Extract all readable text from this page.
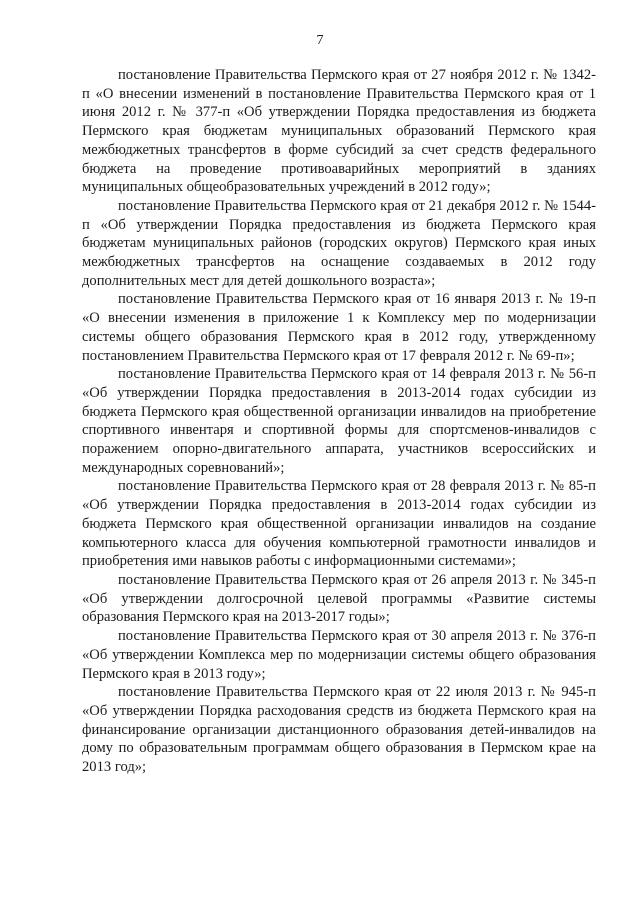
7

постановление Правительства Пермского края от 27 ноября 2012 г. № 1342-п «О внесении изменений в постановление Правительства Пермского края от 1 июня 2012 г. № 377-п «Об утверждении Порядка предоставления из бюджета Пермского края бюджетам муниципальных образований Пермского края межбюджетных трансфертов в форме субсидий за счет средств федерального бюджета на проведение противоаварийных мероприятий в зданиях муниципальных общеобразовательных учреждений в 2012 году»;

постановление Правительства Пермского края от 21 декабря 2012 г. № 1544-п «Об утверждении Порядка предоставления из бюджета Пермского края бюджетам муниципальных районов (городских округов) Пермского края иных межбюджетных трансфертов на оснащение создаваемых в 2012 году дополнительных мест для детей дошкольного возраста»;

постановление Правительства Пермского края от 16 января 2013 г. № 19-п «О внесении изменения в приложение 1 к Комплексу мер по модернизации системы общего образования Пермского края в 2012 году, утвержденному постановлением Правительства Пермского края от 17 февраля 2012 г. № 69-п»;

постановление Правительства Пермского края от 14 февраля 2013 г. № 56-п «Об утверждении Порядка предоставления в 2013-2014 годах субсидии из бюджета Пермского края общественной организации инвалидов на приобретение спортивного инвентаря и спортивной формы для спортсменов-инвалидов с поражением опорно-двигательного аппарата, участников всероссийских и международных соревнований»;

постановление Правительства Пермского края от 28 февраля 2013 г. № 85-п «Об утверждении Порядка предоставления в 2013-2014 годах субсидии из бюджета Пермского края общественной организации инвалидов на создание компьютерного класса для обучения компьютерной грамотности инвалидов и приобретения ими навыков работы с информационными системами»;

постановление Правительства Пермского края от 26 апреля 2013 г. № 345-п «Об утверждении долгосрочной целевой программы «Развитие системы образования Пермского края на 2013-2017 годы»;

постановление Правительства Пермского края от 30 апреля 2013 г. № 376-п «Об утверждении Комплекса мер по модернизации системы общего образования Пермского края в 2013 году»;

постановление Правительства Пермского края от 22 июля 2013 г. № 945-п «Об утверждении Порядка расходования средств из бюджета Пермского края на финансирование организации дистанционного образования детей-инвалидов на дому по образовательным программам общего образования в Пермском крае на 2013 год»;
